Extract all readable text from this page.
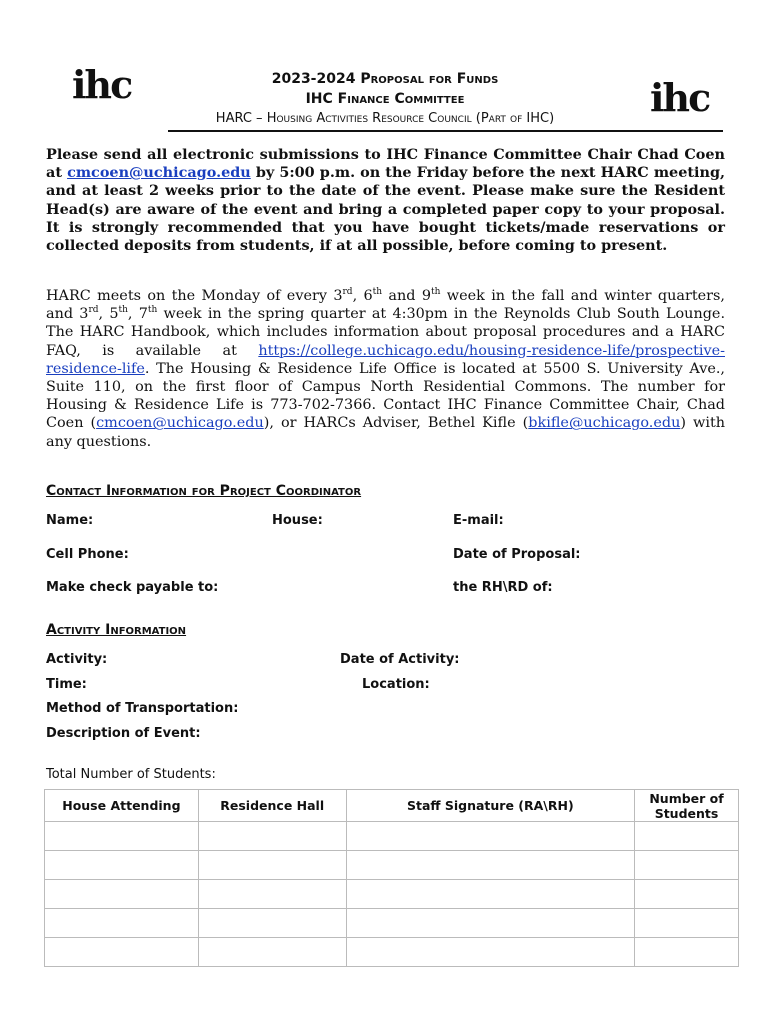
ihc	ihc
2023-2024 Proposal for Funds
IHC Finance Committee
HARC – Housing Activities Resource Council (Part of IHC)
Please send all electronic submissions to IHC Finance Committee Chair Chad Coen at cmcoen@uchicago.edu by 5:00 p.m. on the Friday before the next HARC meeting, and at least 2 weeks prior to the date of the event. Please make sure the Resident Head(s) are aware of the event and bring a completed paper copy to your proposal. It is strongly recommended that you have bought tickets/made reservations or collected deposits from students, if at all possible, before coming to present.
HARC meets on the Monday of every 3rd, 6th and 9th week in the fall and winter quarters, and 3rd, 5th, 7th week in the spring quarter at 4:30pm in the Reynolds Club South Lounge. The HARC Handbook, which includes information about proposal procedures and a HARC FAQ, is available at https://college.uchicago.edu/housing-residence-life/prospective-residence-life. The Housing & Residence Life Office is located at 5500 S. University Ave., Suite 110, on the first floor of Campus North Residential Commons. The number for Housing & Residence Life is 773-702-7366. Contact IHC Finance Committee Chair, Chad Coen (cmcoen@uchicago.edu), or HARCs Adviser, Bethel Kifle (bkifle@uchicago.edu) with any questions.
Contact Information for Project Coordinator
Name:	House:	E-mail:
Cell Phone:	Date of Proposal:
Make check payable to:	the RH\RD of:
Activity Information
Activity:	Date of Activity:
Time:	Location:
Method of Transportation:
Description of Event:
Total Number of Students:
House Attending	Residence Hall	Staff Signature (RA\RH)	Number of Students
